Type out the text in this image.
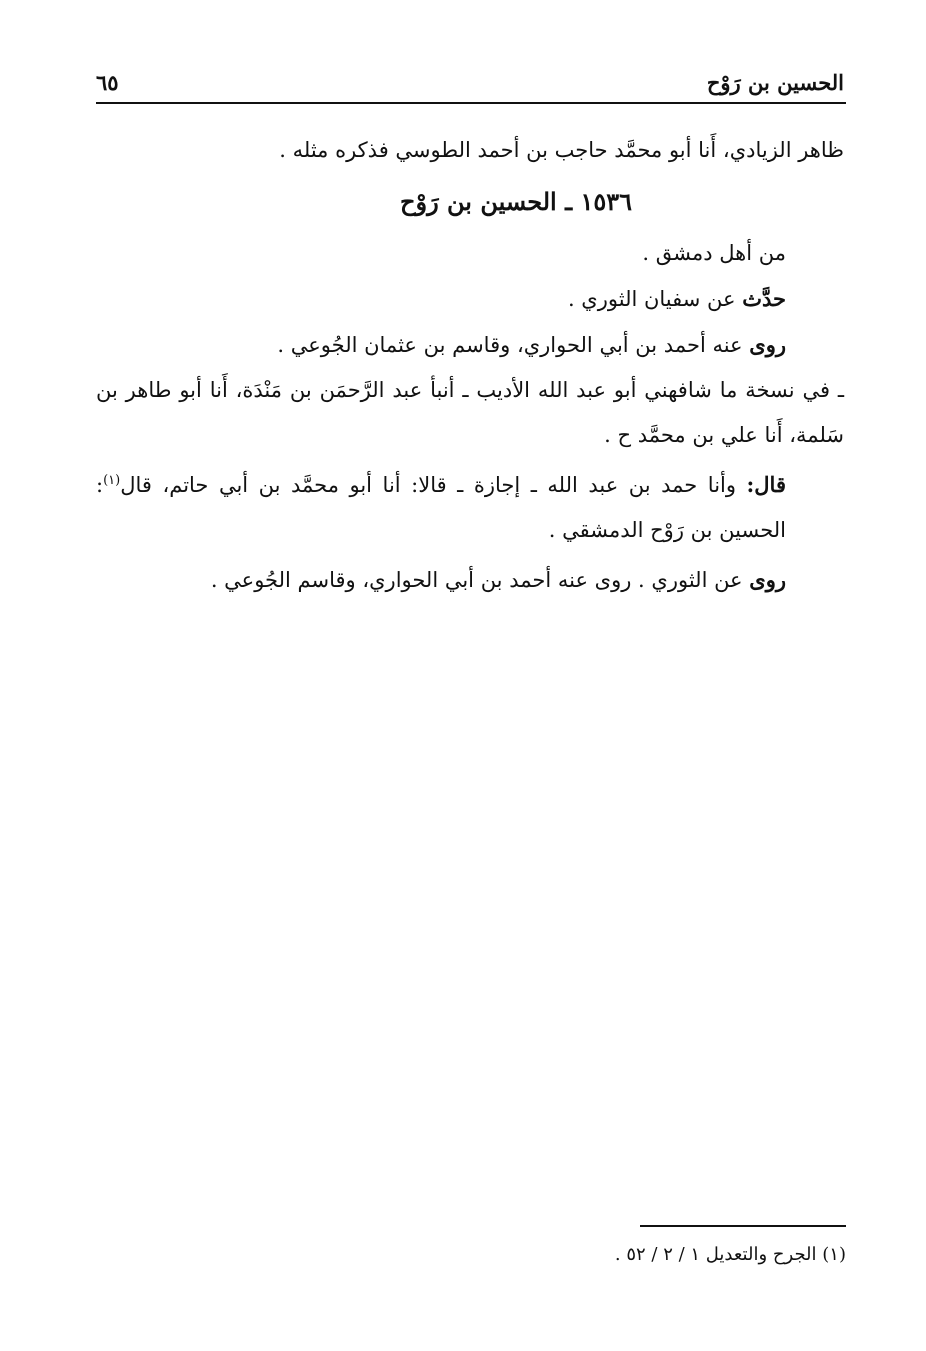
الحسين بن رَوْح
٦٥
ظاهر الزيادي، أَنا أبو محمَّد حاجب بن أحمد الطوسي فذكره مثله .
١٥٣٦ ـ الحسين بن رَوْح
من أهل دمشق .
حدَّث عن سفيان الثوري .
روى عنه أحمد بن أبي الحواري، وقاسم بن عثمان الجُوعي .
ـ في نسخة ما شافهني أبو عبد الله الأديب ـ أنبأ عبد الرَّحمَن بن مَنْدَة، أَنا أبو طاهر بن سَلمة، أَنا علي بن محمَّد ح .
قال: وأنا حمد بن عبد الله ـ إجازة ـ قالا: أنا أبو محمَّد بن أبي حاتم، قال$^{(١)}$: الحسين بن رَوْح الدمشقي .
روى عن الثوري . روى عنه أحمد بن أبي الحواري، وقاسم الجُوعي .
(١) الجرح والتعديل ١ / ٢ / ٥٢ .
